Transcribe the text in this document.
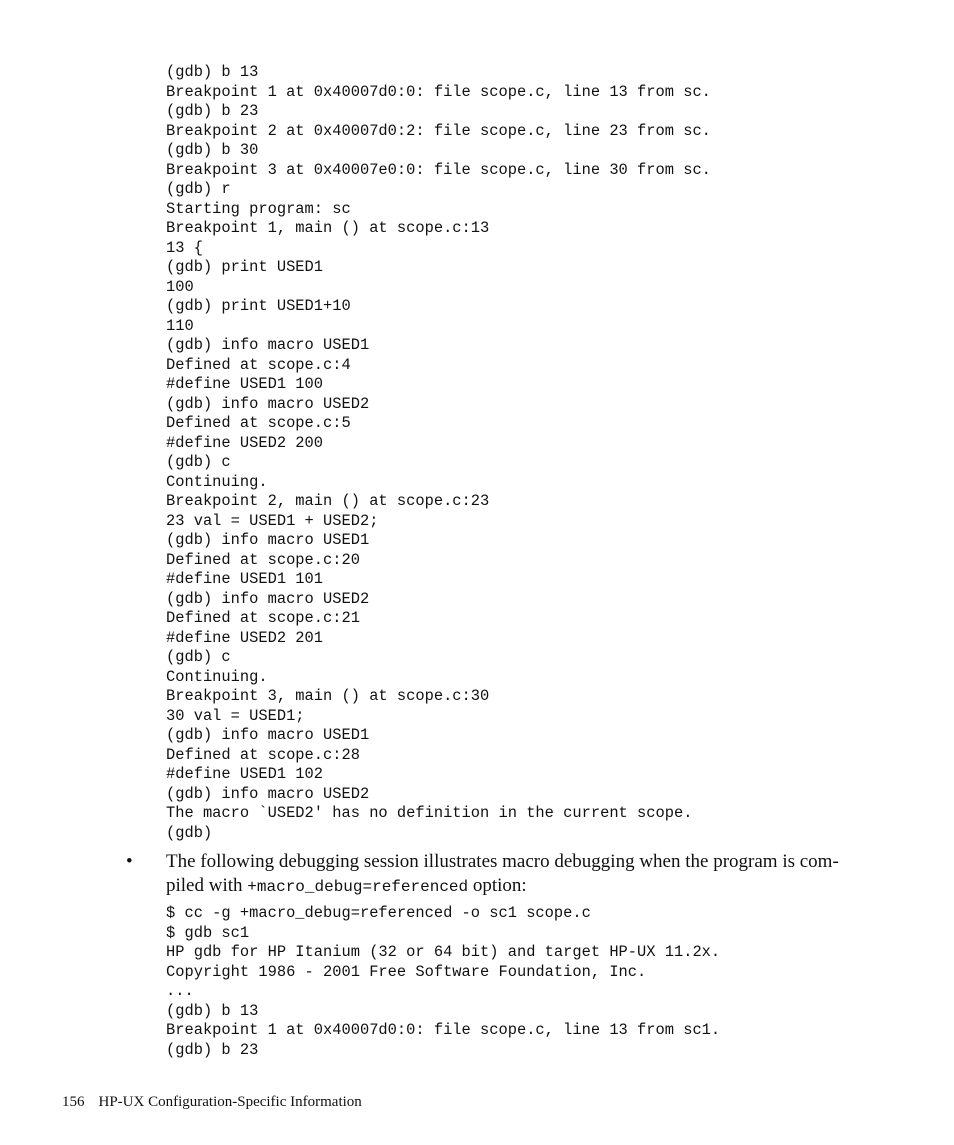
(gdb) b 13
Breakpoint 1 at 0x40007d0:0: file scope.c, line 13 from sc.
(gdb) b 23
Breakpoint 2 at 0x40007d0:2: file scope.c, line 23 from sc.
(gdb) b 30
Breakpoint 3 at 0x40007e0:0: file scope.c, line 30 from sc.
(gdb) r
Starting program: sc
Breakpoint 1, main () at scope.c:13
13 {
(gdb) print USED1
100
(gdb) print USED1+10
110
(gdb) info macro USED1
Defined at scope.c:4
#define USED1 100
(gdb) info macro USED2
Defined at scope.c:5
#define USED2 200
(gdb) c
Continuing.
Breakpoint 2, main () at scope.c:23
23 val = USED1 + USED2;
(gdb) info macro USED1
Defined at scope.c:20
#define USED1 101
(gdb) info macro USED2
Defined at scope.c:21
#define USED2 201
(gdb) c
Continuing.
Breakpoint 3, main () at scope.c:30
30 val = USED1;
(gdb) info macro USED1
Defined at scope.c:28
#define USED1 102
(gdb) info macro USED2
The macro `USED2' has no definition in the current scope.
(gdb)
• The following debugging session illustrates macro debugging when the program is com- piled with +macro_debug=referenced option:
$ cc -g +macro_debug=referenced -o sc1 scope.c
$ gdb sc1
HP gdb for HP Itanium (32 or 64 bit) and target HP-UX 11.2x.
Copyright 1986 - 2001 Free Software Foundation, Inc.
...
(gdb) b 13
Breakpoint 1 at 0x40007d0:0: file scope.c, line 13 from sc1.
(gdb) b 23
156 HP-UX Configuration-Specific Information
